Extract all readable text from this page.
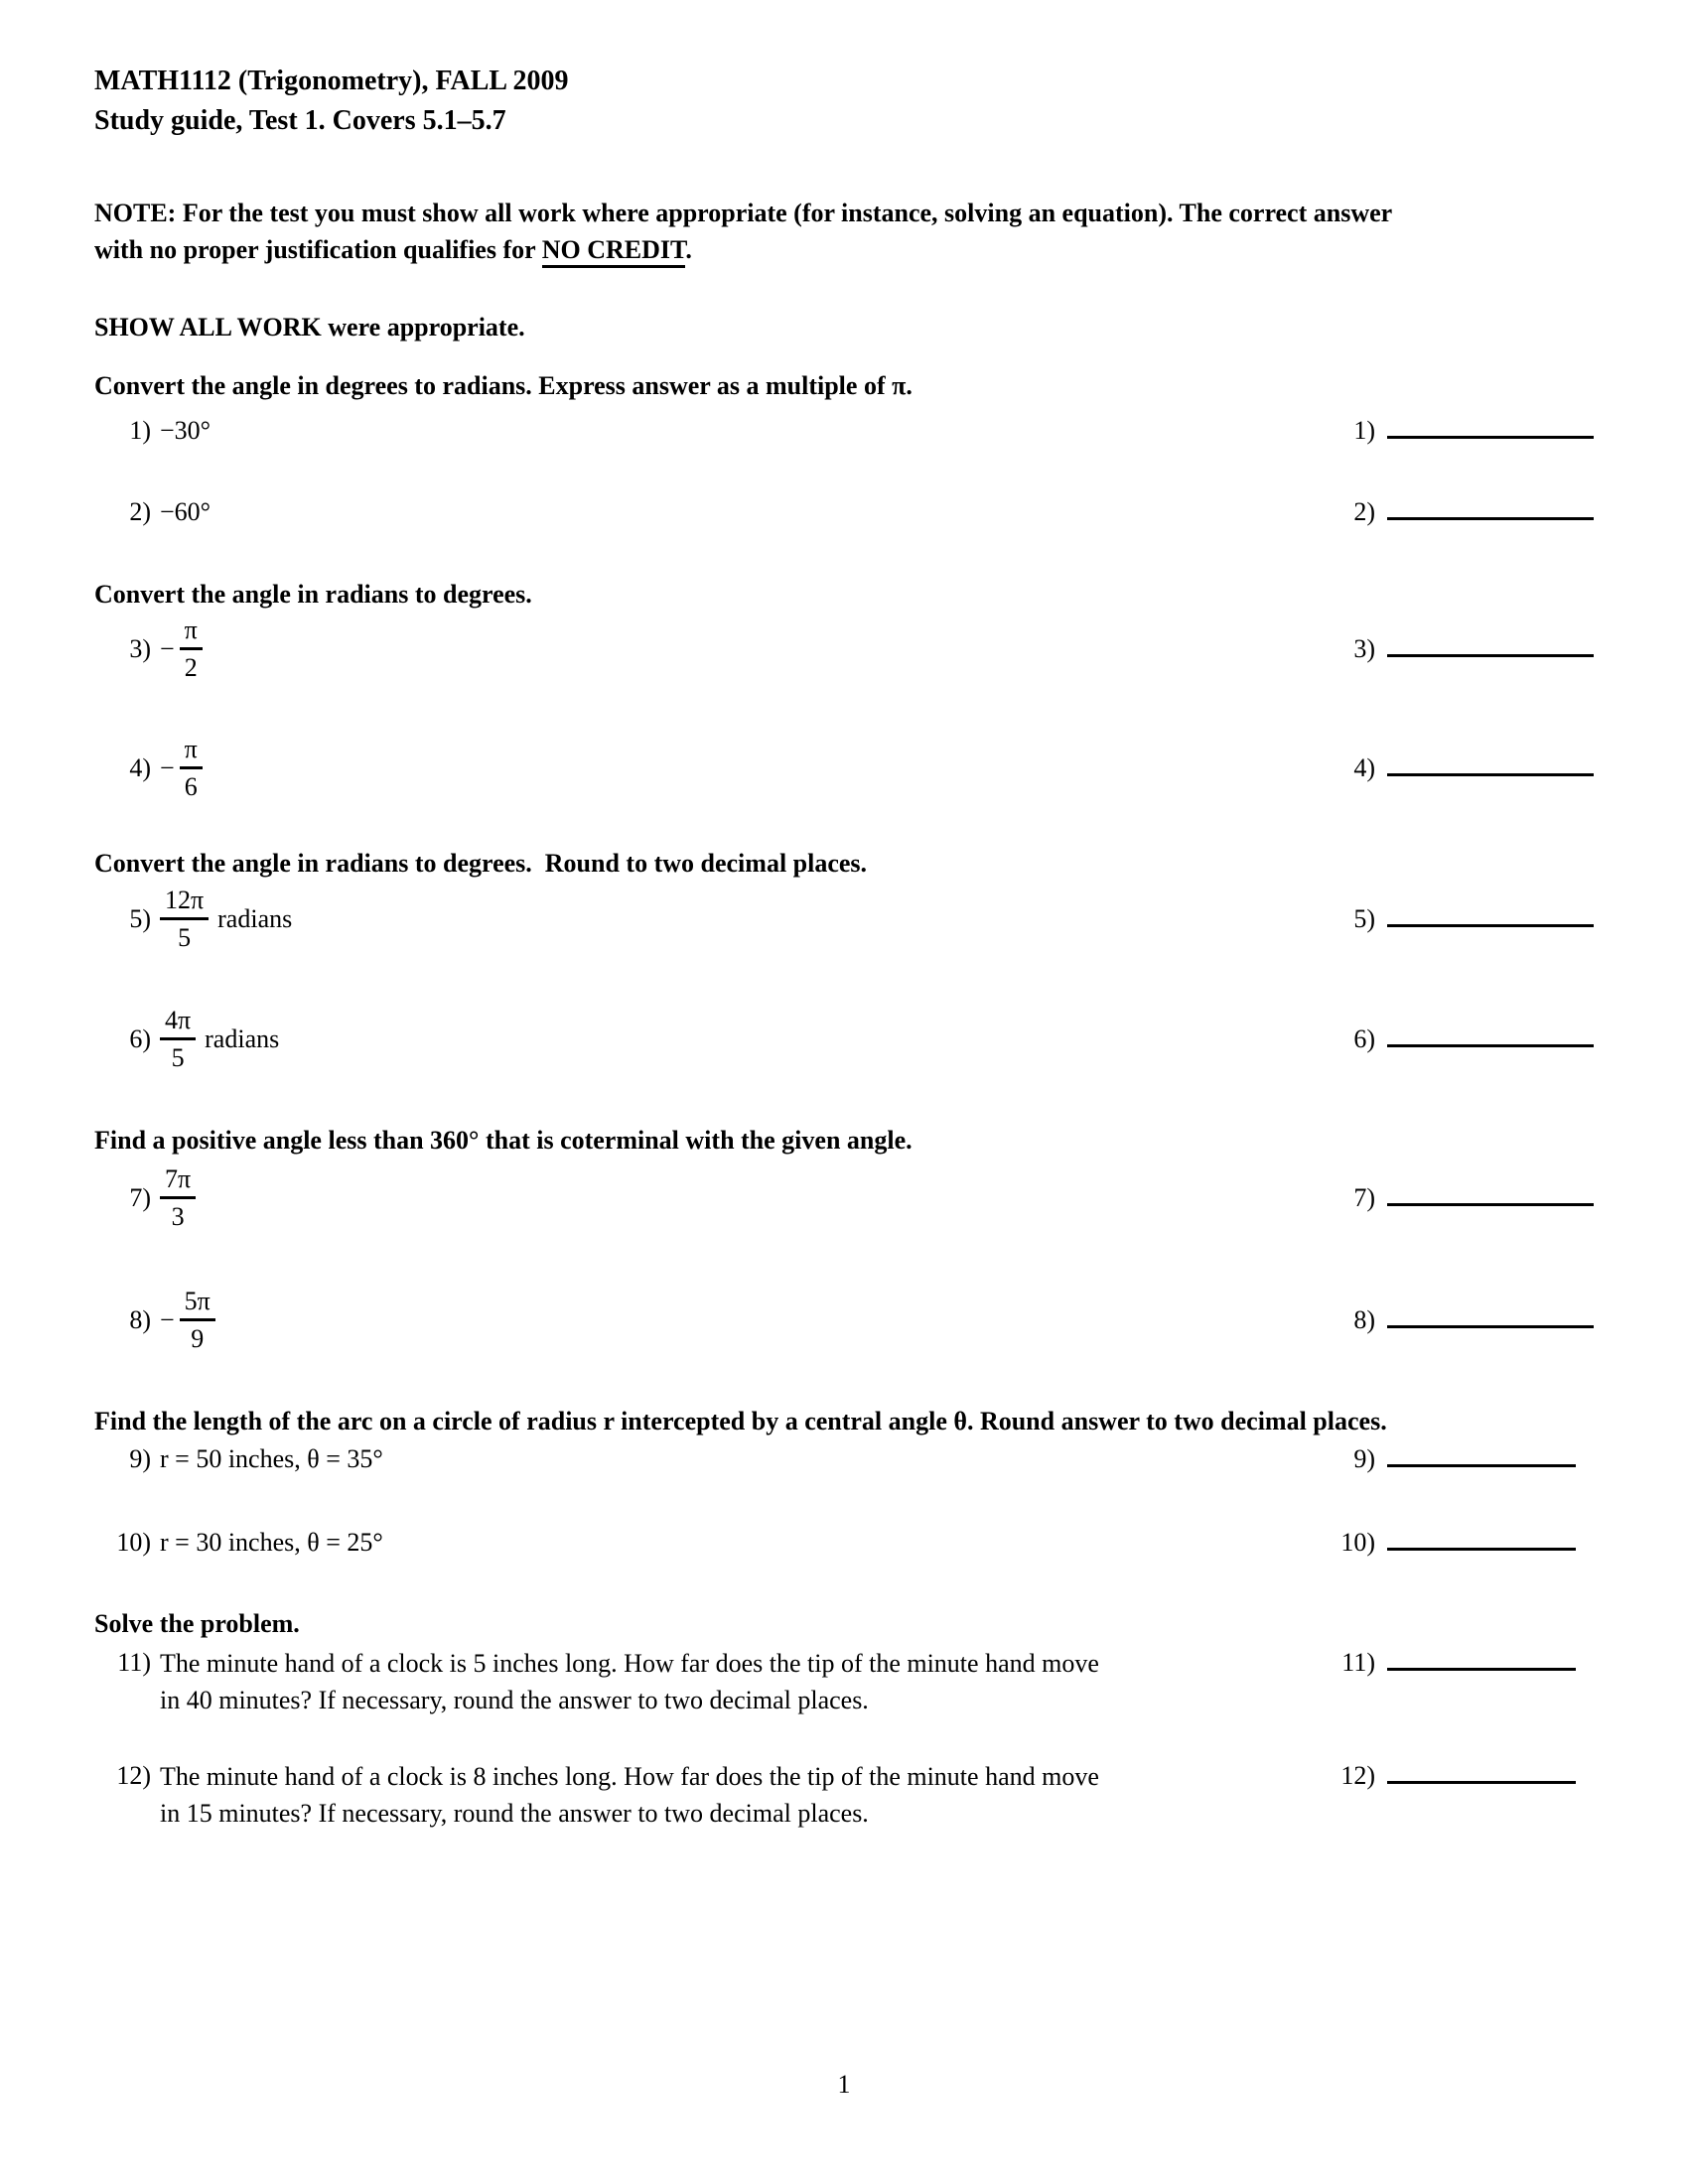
MATH1112 (Trigonometry), FALL 2009
Study guide, Test 1. Covers 5.1–5.7
NOTE: For the test you must show all work where appropriate (for instance, solving an equation). The correct answer
with no proper justification qualifies for NO CREDIT.
SHOW ALL WORK were appropriate.
Convert the angle in degrees to radians. Express answer as a multiple of π.
1) −30°	1)
2) −60°	2)
Convert the angle in radians to degrees.
$3) - \frac{\pi}{2}$	3)
$4) - \frac{\pi}{6}$	4)
Convert the angle in radians to degrees.  Round to two decimal places.
$5) \frac{12\pi}{5}$ radians	5)
$6) \frac{4\pi}{5}$ radians	6)
Find a positive angle less than 360° that is coterminal with the given angle.
$7) \frac{7\pi}{3}$	7)
$8) - \frac{5\pi}{9}$	8)
Find the length of the arc on a circle of radius r intercepted by a central angle θ. Round answer to two decimal places.
9) r = 50 inches, θ = 35°	9)
10) r = 30 inches, θ = 25°	10)
Solve the problem.
11) The minute hand of a clock is 5 inches long. How far does the tip of the minute hand move
in 40 minutes? If necessary, round the answer to two decimal places.
11)
12) The minute hand of a clock is 8 inches long. How far does the tip of the minute hand move
in 15 minutes? If necessary, round the answer to two decimal places.
12)
1
